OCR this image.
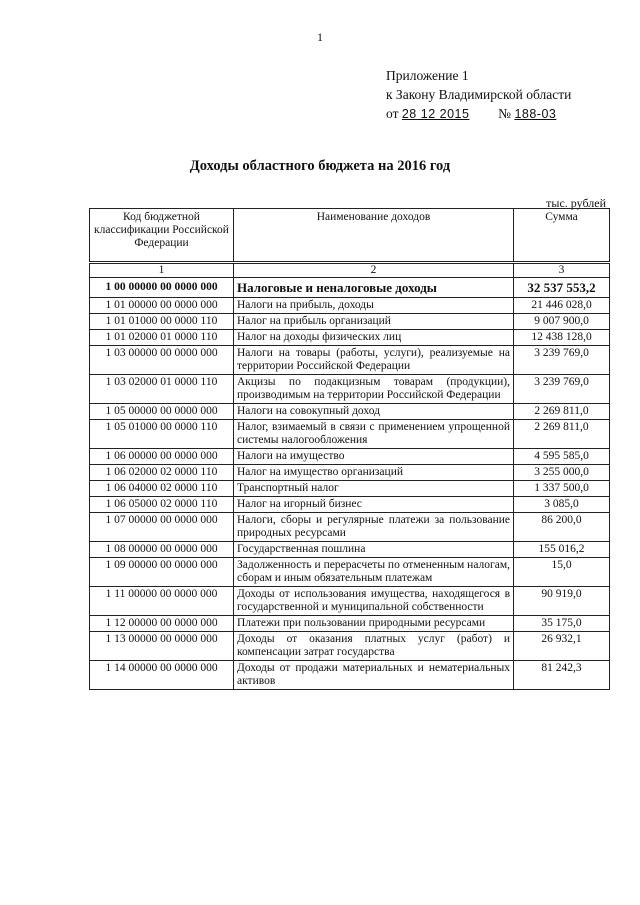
1
Приложение 1
к Закону Владимирской области
от 28 12 2015 № 188-03
Доходы областного бюджета на 2016 год
тыс. рублей
Код бюджетной классификации Российской Федерации	Наименование доходов	Сумма
1	2	3
1 00 00000 00 0000 000	Налоговые и неналоговые доходы	32 537 553,2
1 01 00000 00 0000 000	Налоги на прибыль, доходы	21 446 028,0
1 01 01000 00 0000 110	Налог на прибыль организаций	9 007 900,0
1 01 02000 01 0000 110	Налог на доходы физических лиц	12 438 128,0
1 03 00000 00 0000 000	Налоги на товары (работы, услуги), реализуемые на территории Российской Федерации	3 239 769,0
1 03 02000 01 0000 110	Акцизы по подакцизным товарам (продукции), производимым на территории Российской Федерации	3 239 769,0
1 05 00000 00 0000 000	Налоги на совокупный доход	2 269 811,0
1 05 01000 00 0000 110	Налог, взимаемый в связи с применением упрощенной системы налогообложения	2 269 811,0
1 06 00000 00 0000 000	Налоги на имущество	4 595 585,0
1 06 02000 02 0000 110	Налог на имущество организаций	3 255 000,0
1 06 04000 02 0000 110	Транспортный налог	1 337 500,0
1 06 05000 02 0000 110	Налог на игорный бизнес	3 085,0
1 07 00000 00 0000 000	Налоги, сборы и регулярные платежи за пользование природных ресурсами	86 200,0
1 08 00000 00 0000 000	Государственная пошлина	155 016,2
1 09 00000 00 0000 000	Задолженность и перерасчеты по отмененным налогам, сборам и иным обязательным платежам	15,0
1 11 00000 00 0000 000	Доходы от использования имущества, находящегося в государственной и муниципальной собственности	90 919,0
1 12 00000 00 0000 000	Платежи при пользовании природными ресурсами	35 175,0
1 13 00000 00 0000 000	Доходы от оказания платных услуг (работ) и компенсации затрат государства	26 932,1
1 14 00000 00 0000 000	Доходы от продажи материальных и нематериальных активов	81 242,3
